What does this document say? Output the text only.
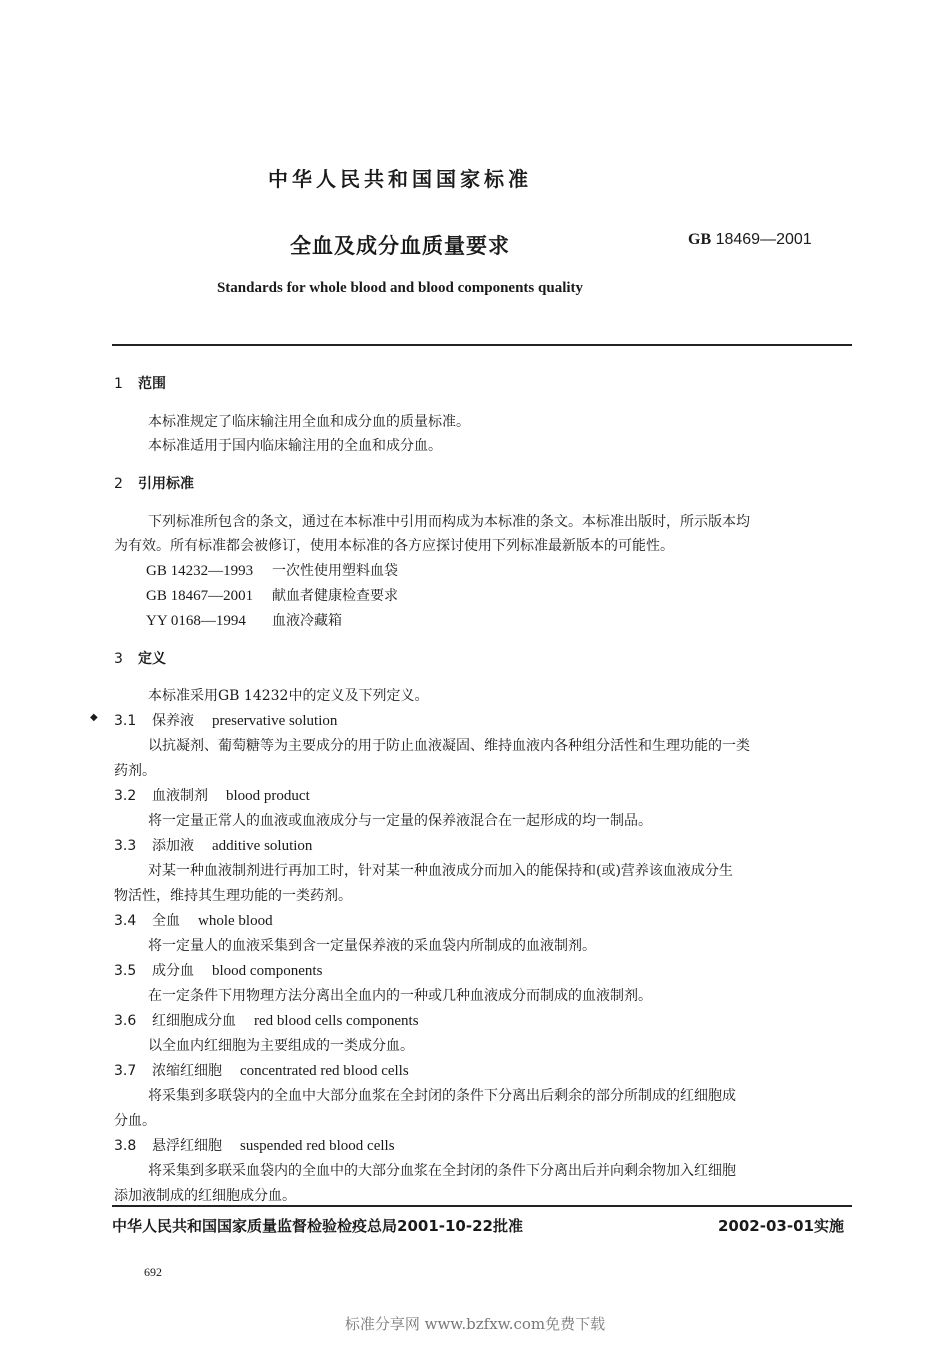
中华人民共和国国家标准
全血及成分血质量要求	GB 18469—2001
Standards for whole blood and blood components quality
1 范围
本标准规定了临床输注用全血和成分血的质量标准。
本标准适用于国内临床输注用的全血和成分血。
2 引用标准
下列标准所包含的条文，通过在本标准中引用而构成为本标准的条文。本标准出版时，所示版本均
为有效。所有标准都会被修订，使用本标准的各方应探讨使用下列标准最新版本的可能性。
GB 14232—1993 一次性使用塑料血袋
GB 18467—2001 献血者健康检查要求
YY 0168—1994 血液冷藏箱
3 定义
本标准采用GB 14232中的定义及下列定义。
◆ 3.1 保养液 preservative solution
以抗凝剂、葡萄糖等为主要成分的用于防止血液凝固、维持血液内各种组分活性和生理功能的一类
药剂。
3.2 血液制剂 blood product
将一定量正常人的血液或血液成分与一定量的保养液混合在一起形成的均一制品。
3.3 添加液 additive solution
对某一种血液制剂进行再加工时，针对某一种血液成分而加入的能保持和(或)营养该血液成分生
物活性，维持其生理功能的一类药剂。
3.4 全血 whole blood
将一定量人的血液采集到含一定量保养液的采血袋内所制成的血液制剂。
3.5 成分血 blood components
在一定条件下用物理方法分离出全血内的一种或几种血液成分而制成的血液制剂。
3.6 红细胞成分血 red blood cells components
以全血内红细胞为主要组成的一类成分血。
3.7 浓缩红细胞 concentrated red blood cells
将采集到多联袋内的全血中大部分血浆在全封闭的条件下分离出后剩余的部分所制成的红细胞成
分血。
3.8 悬浮红细胞 suspended red blood cells
将采集到多联采血袋内的全血中的大部分血浆在全封闭的条件下分离出后并向剩余物加入红细胞
添加液制成的红细胞成分血。
中华人民共和国国家质量监督检验检疫总局2001-10-22批准	2002-03-01实施
692
标准分享网 www.bzfxw.com免费下载
